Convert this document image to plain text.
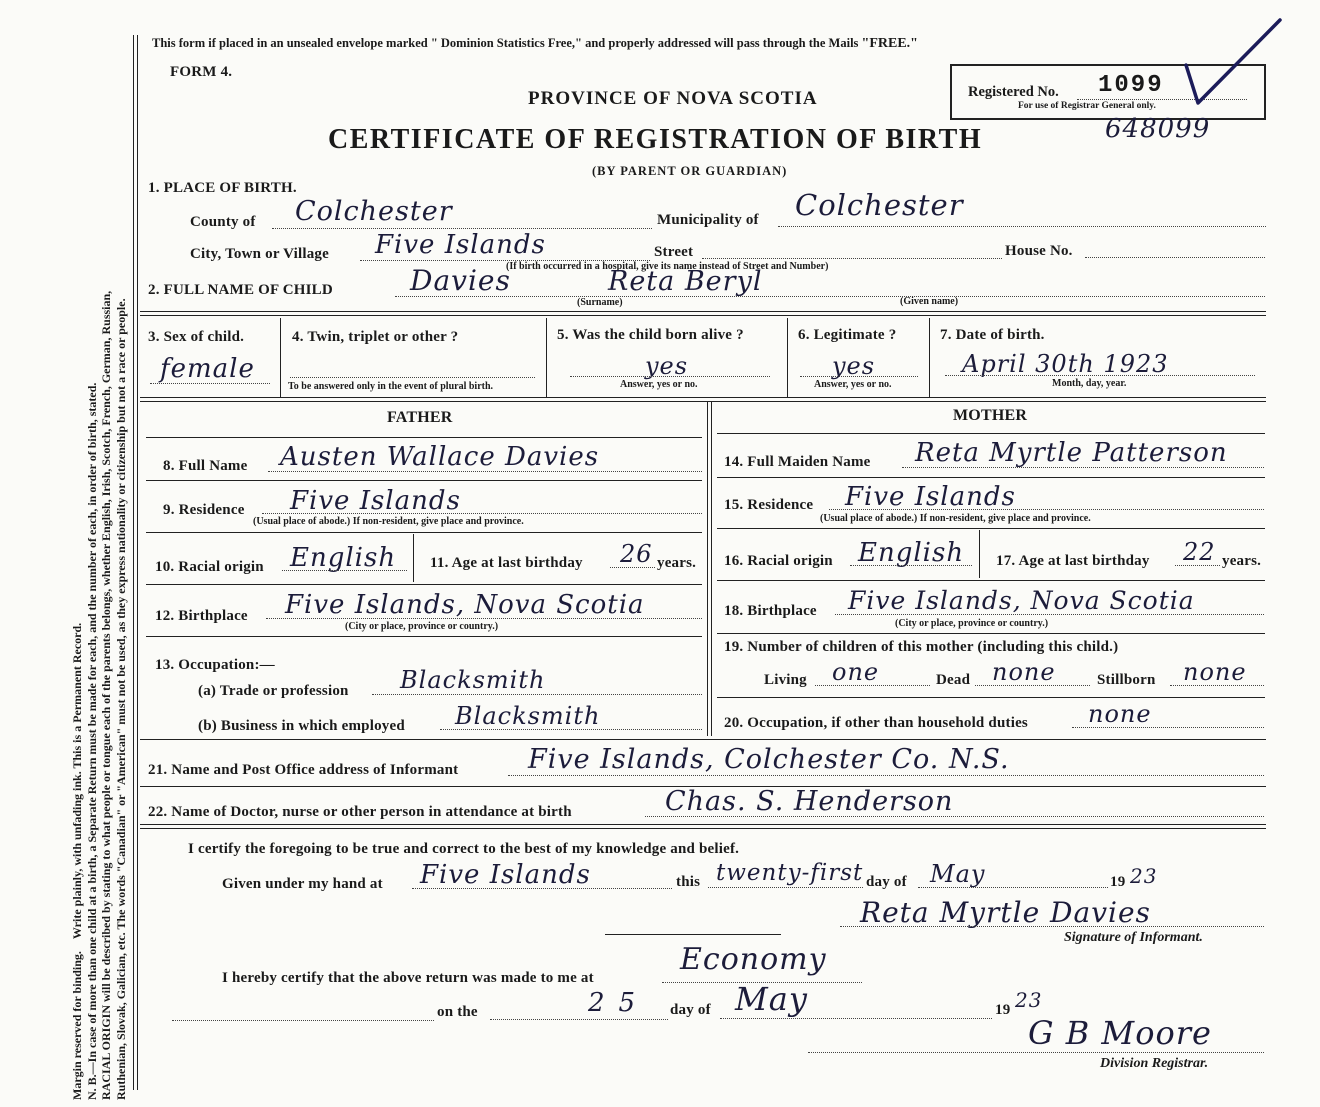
Margin reserved for binding.    Write plainly, with unfading ink. This is a Permanent Record. N. B.—In case of more than one child at a birth, a Separate Return must be made for each, and the number of each, in order of birth, stated. RACIAL ORIGIN will be described by stating to what people or tongue each of the parents belongs, whether English, Irish, Scotch, French, German, Russian, Ruthenian, Slovak, Galician, etc. The words "Canadian" or "American" must not be used, as they express nationality or citizenship but not a race or people.
This form if placed in an unsealed envelope marked " Dominion Statistics Free," and properly addressed will pass through the Mails "FREE."
FORM 4.
PROVINCE OF NOVA SCOTIA
CERTIFICATE OF REGISTRATION OF BIRTH
(BY PARENT OR GUARDIAN)
Registered No. 1099
For use of Registrar General only.
648099
1. PLACE OF BIRTH.
County of Colchester	Municipality of Colchester
City, Town or Village Five Islands	Street	House No.
(If birth occurred in a hospital, give its name instead of Street and Number)
2. FULL NAME OF CHILD	Davies	Reta Beryl
(Surname)	(Given name)
3. Sex of child.
female
4. Twin, triplet or other ?
To be answered only in the event of plural birth.
5. Was the child born alive ?
yes
Answer, yes or no.
6. Legitimate ?
yes
Answer, yes or no.
7. Date of birth.
April 30th 1923
Month, day, year.
FATHER	MOTHER
8. Full Name Austen Wallace Davies
9. Residence Five Islands
(Usual place of abode.) If non-resident, give place and province.
10. Racial origin English 11. Age at last birthday 26 years.
12. Birthplace Five Islands, Nova Scotia
(City or place, province or country.)
13. Occupation:—
(a) Trade or profession Blacksmith
(b) Business in which employed Blacksmith
14. Full Maiden Name Reta Myrtle Patterson
15. Residence Five Islands
(Usual place of abode.) If non-resident, give place and province.
16. Racial origin English 17. Age at last birthday 22 years.
18. Birthplace Five Islands, Nova Scotia
(City or place, province or country.)
19. Number of children of this mother (including this child.)
Living one	Dead none	Stillborn none
20. Occupation, if other than household duties	none
21. Name and Post Office address of Informant	Five Islands, Colchester Co. N.S.
22. Name of Doctor, nurse or other person in attendance at birth	Chas. S. Henderson
I certify the foregoing to be true and correct to the best of my knowledge and belief.
Given under my hand at Five Islands	this twenty-first day of May	19 23
Reta Myrtle Davies
Signature of Informant.
I hereby certify that the above return was made to me at
Economy
on the	25 day of May	19 23
G B Moore
Division Registrar.
